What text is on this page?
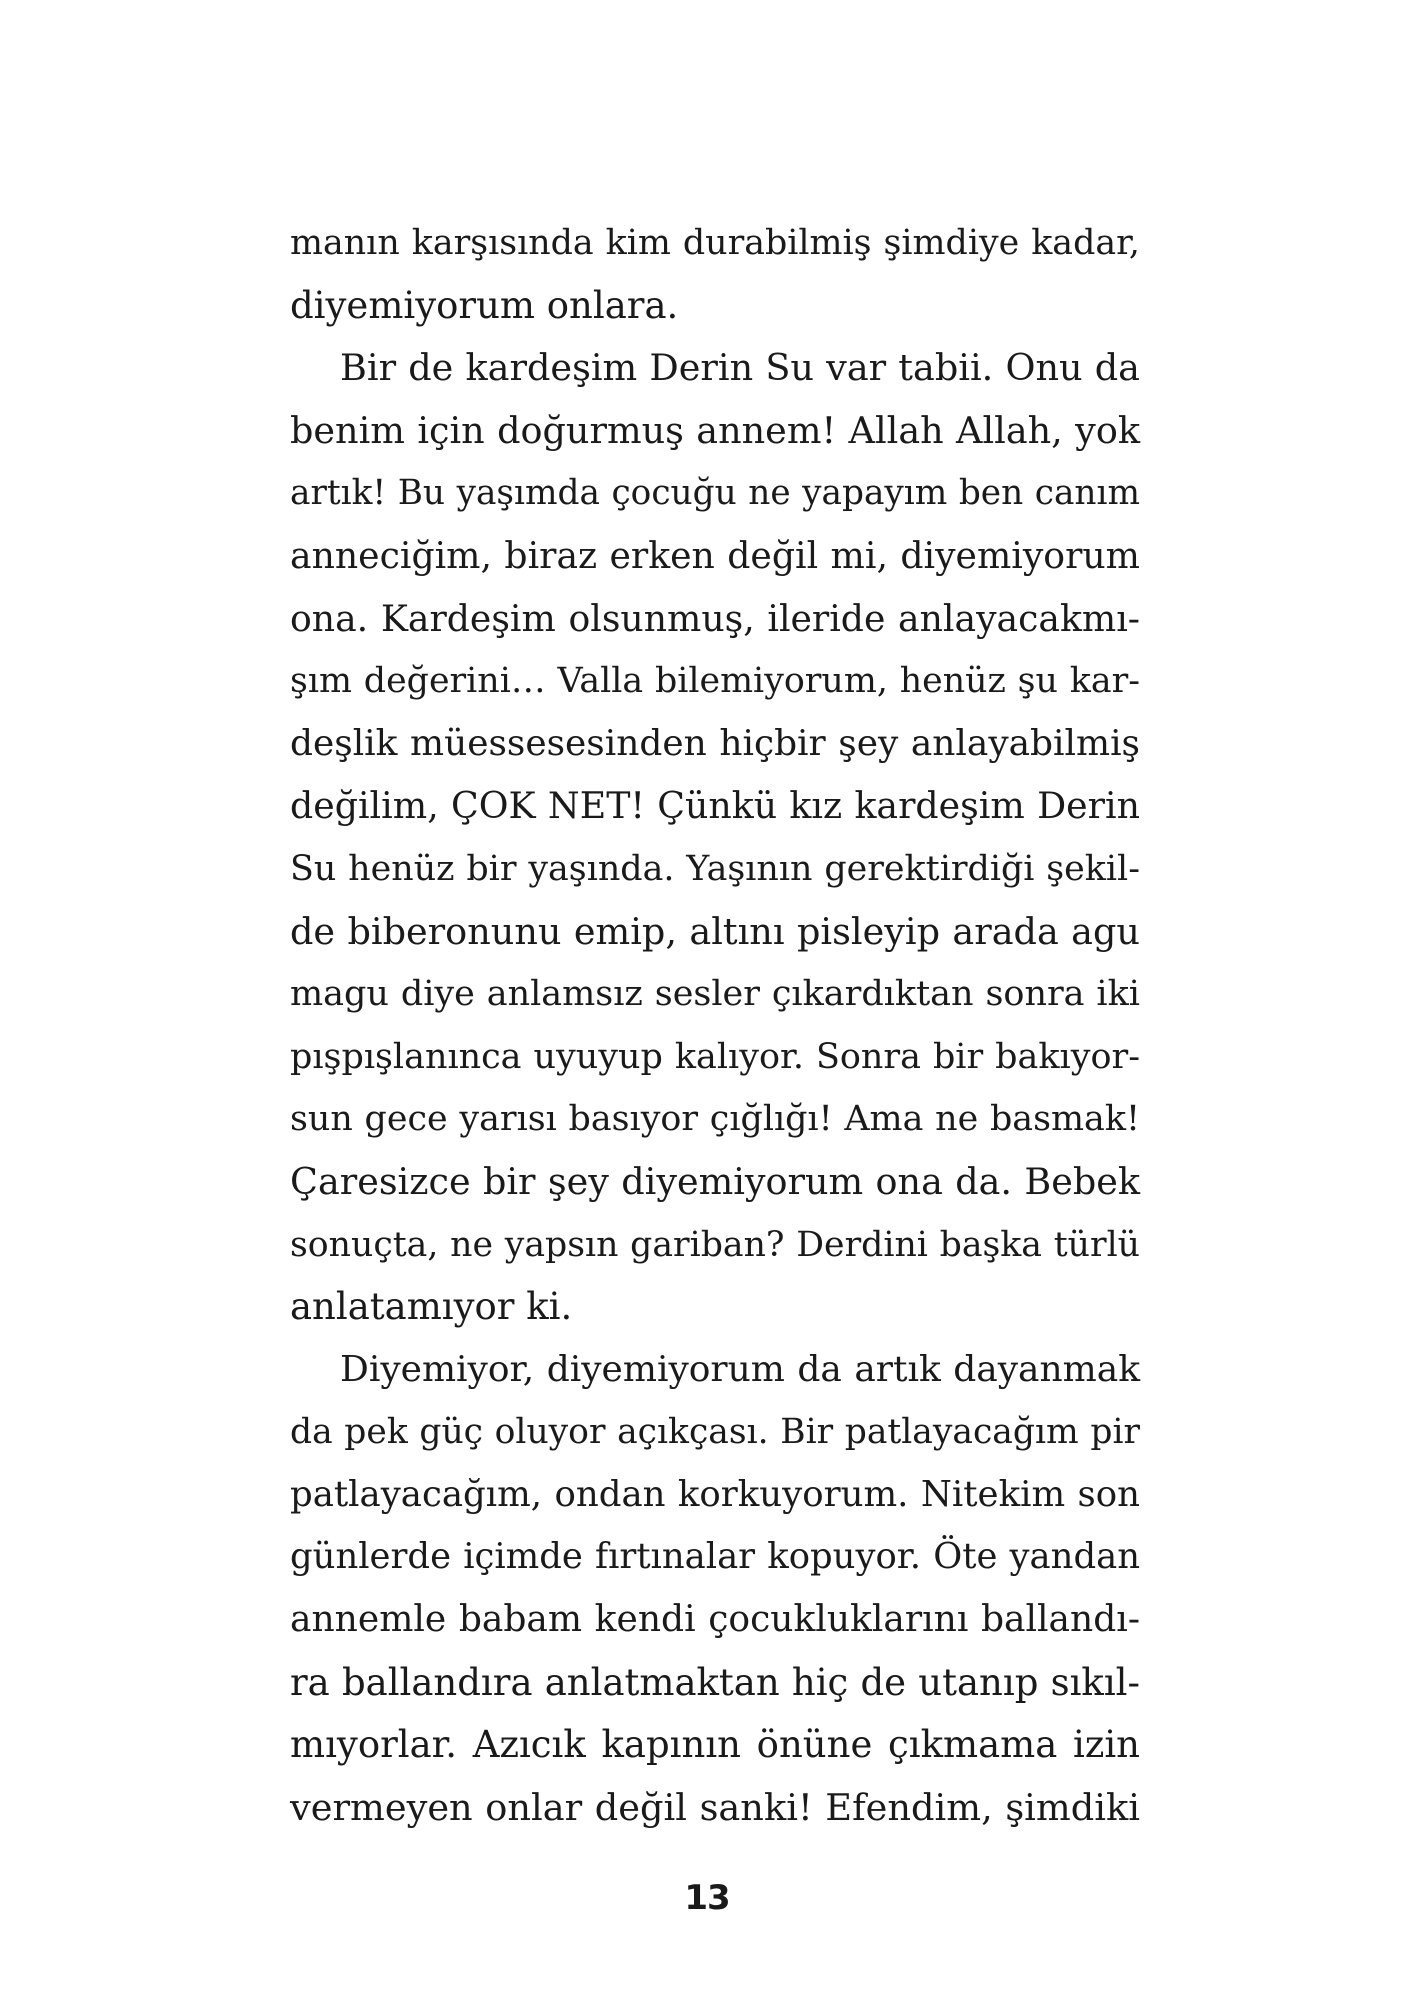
manın karşısında kim durabilmiş şimdiye kadar,
diyemiyorum onlara.
Bir de kardeşim Derin Su var tabii. Onu da
benim için doğurmuş annem! Allah Allah, yok
artık! Bu yaşımda çocuğu ne yapayım ben canım
anneciğim, biraz erken değil mi, diyemiyorum
ona. Kardeşim olsunmuş, ileride anlayacakmı-
şım değerini… Valla bilemiyorum, henüz şu kar-
deşlik müessesesinden hiçbir şey anlayabilmiş
değilim, ÇOK NET! Çünkü kız kardeşim Derin
Su henüz bir yaşında. Yaşının gerektirdiği şekil-
de biberonunu emip, altını pisleyip arada agu
magu diye anlamsız sesler çıkardıktan sonra iki
pışpışlanınca uyuyup kalıyor. Sonra bir bakıyor-
sun gece yarısı basıyor çığlığı! Ama ne basmak!
Çaresizce bir şey diyemiyorum ona da. Bebek
sonuçta, ne yapsın gariban? Derdini başka türlü
anlatamıyor ki.
Diyemiyor, diyemiyorum da artık dayanmak
da pek güç oluyor açıkçası. Bir patlayacağım pir
patlayacağım, ondan korkuyorum. Nitekim son
günlerde içimde fırtınalar kopuyor. Öte yandan
annemle babam kendi çocukluklarını ballandı-
ra ballandıra anlatmaktan hiç de utanıp sıkıl-
mıyorlar. Azıcık kapının önüne çıkmama izin
vermeyen onlar değil sanki! Efendim, şimdiki
13
